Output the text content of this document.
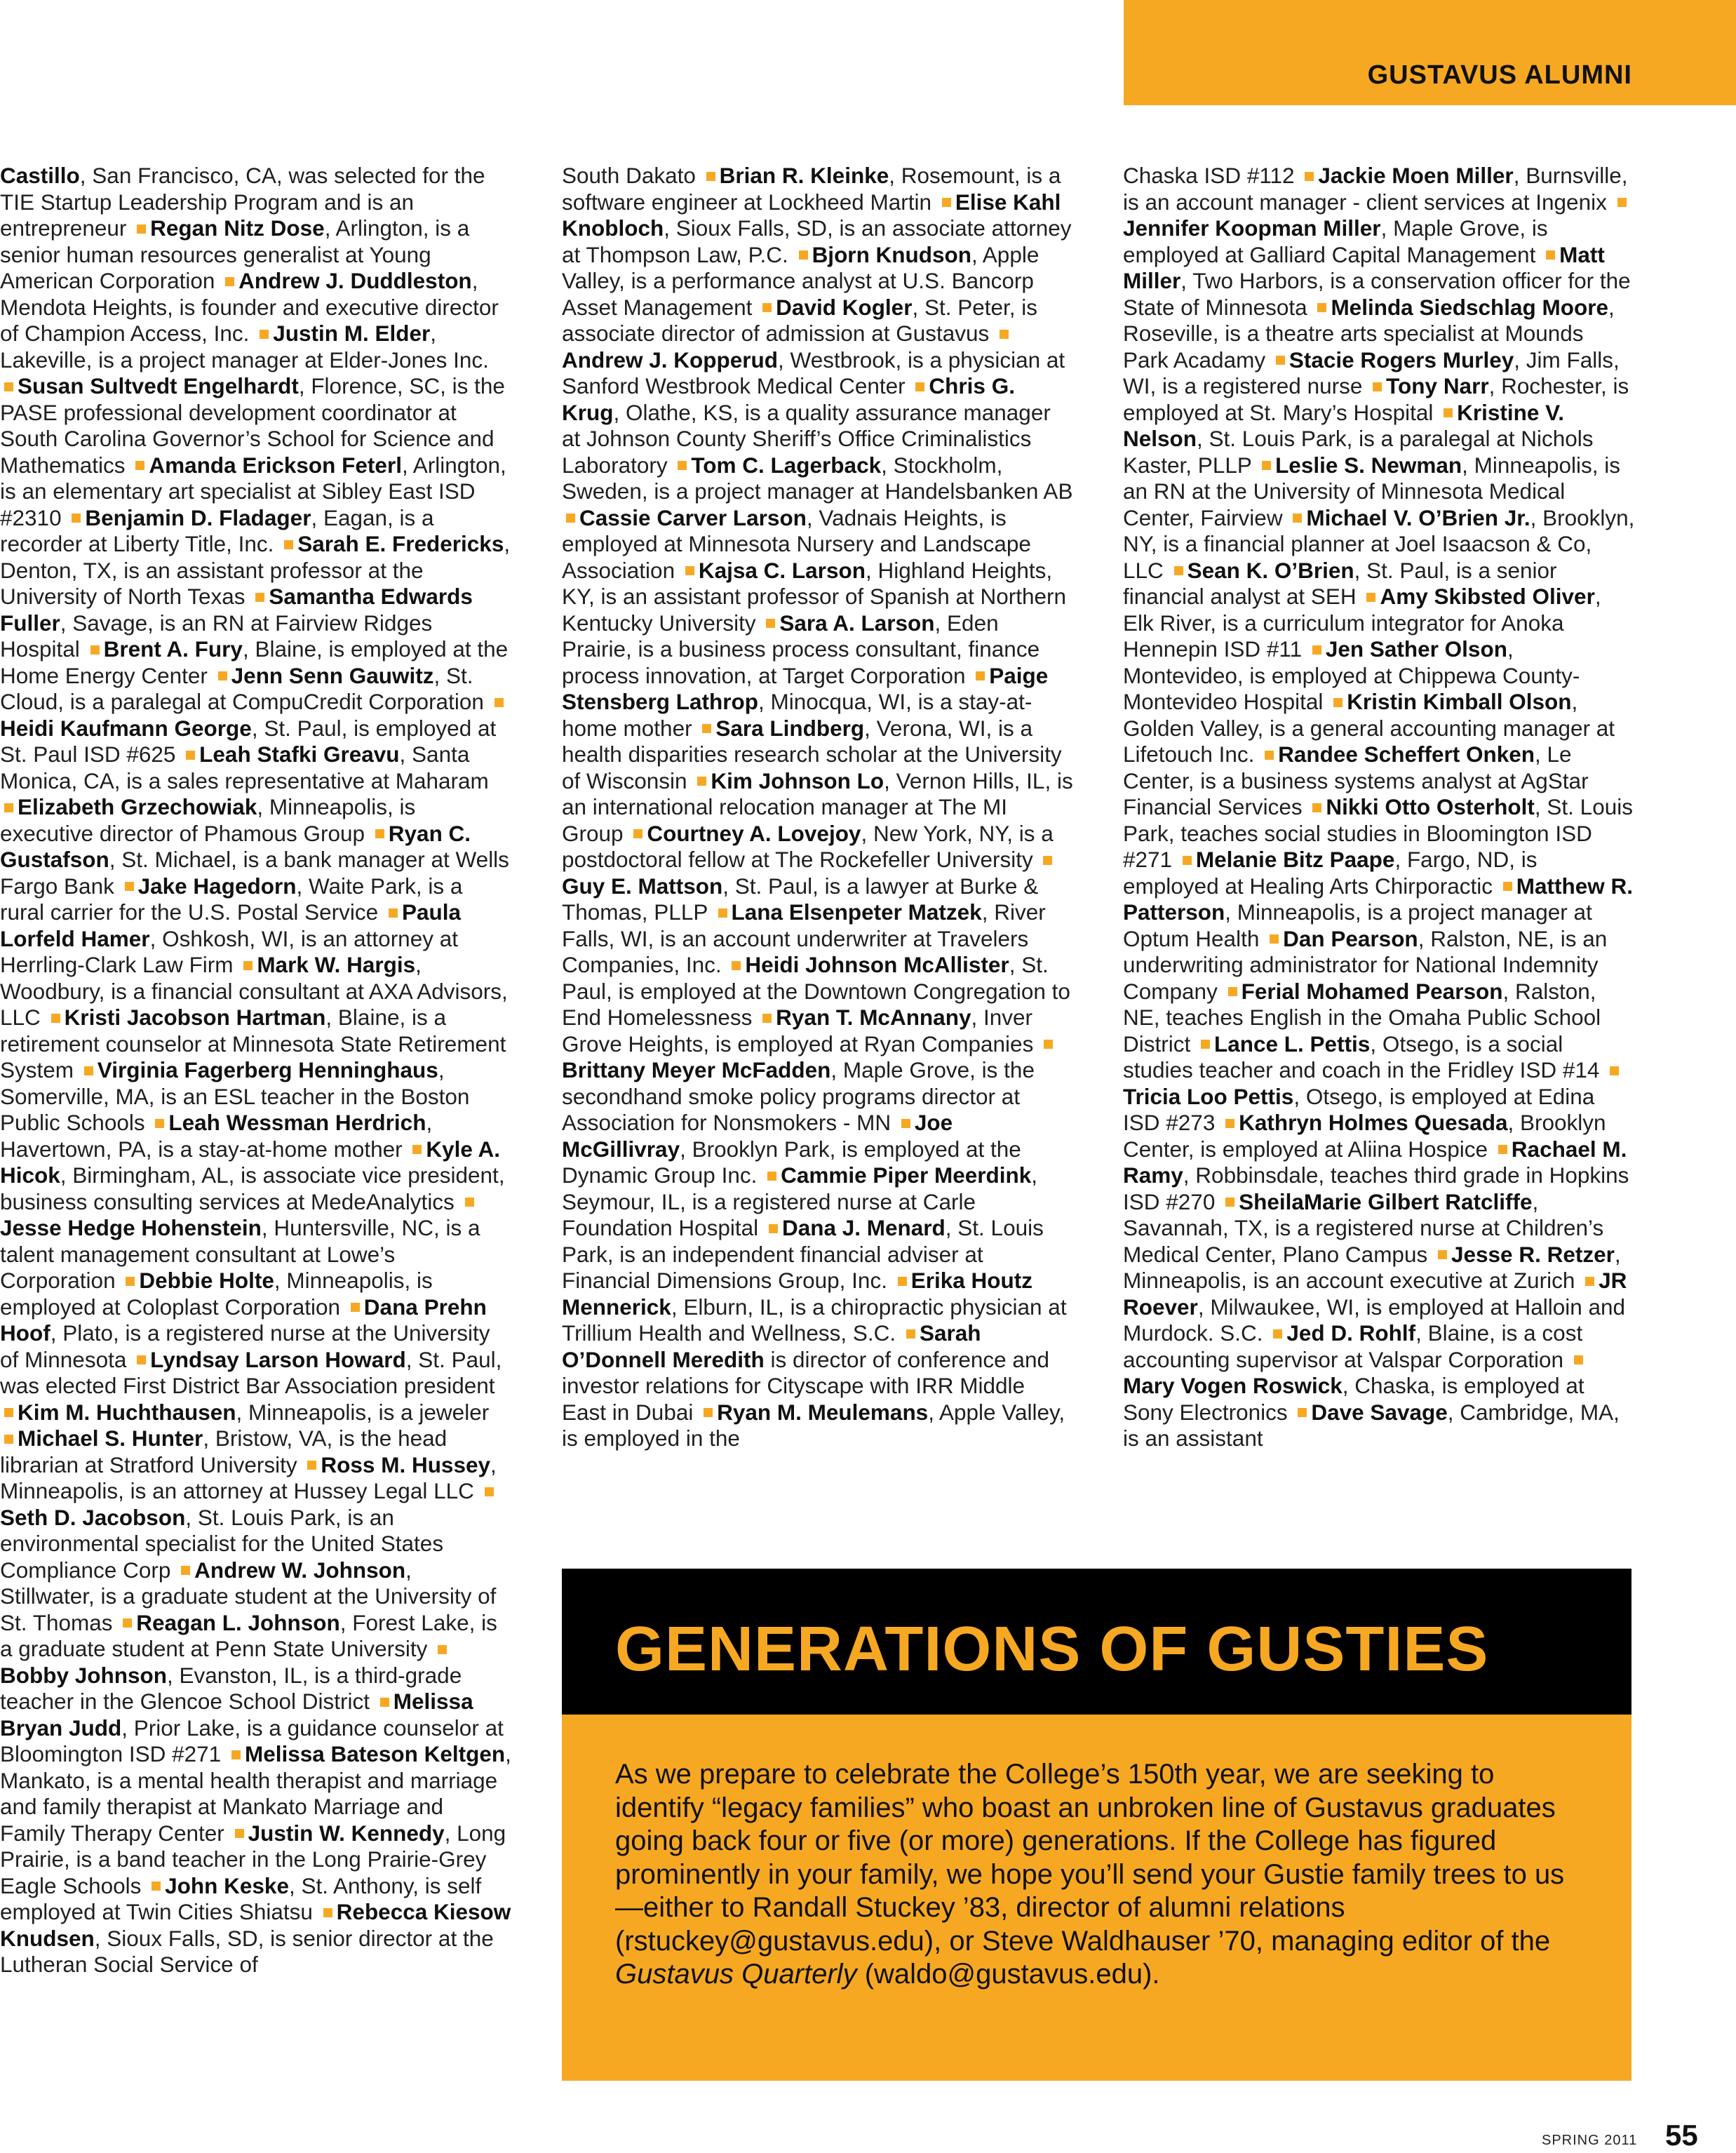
GUSTAVUS ALUMNI
Castillo, San Francisco, CA, was selected for the TIE Startup Leadership Program and is an entrepreneur Regan Nitz Dose, Arlington, is a senior human resources generalist at Young American Corporation Andrew J. Duddleston, Mendota Heights, is founder and executive director of Champion Access, Inc. Justin M. Elder, Lakeville, is a project manager at Elder-Jones Inc. Susan Sultvedt Engelhardt, Florence, SC, is the PASE professional development coordinator at South Carolina Governor’s School for Science and Mathematics Amanda Erickson Feterl, Arlington, is an elementary art specialist at Sibley East ISD #2310 Benjamin D. Fladager, Eagan, is a recorder at Liberty Title, Inc. Sarah E. Fredericks, Denton, TX, is an assistant professor at the University of North Texas Samantha Edwards Fuller, Savage, is an RN at Fairview Ridges Hospital Brent A. Fury, Blaine, is employed at the Home Energy Center Jenn Senn Gauwitz, St. Cloud, is a paralegal at CompuCredit Corporation Heidi Kaufmann George, St. Paul, is employed at St. Paul ISD #625 Leah Stafki Greavu, Santa Monica, CA, is a sales representative at Maharam Elizabeth Grzechowiak, Minneapolis, is executive director of Phamous Group Ryan C. Gustafson, St. Michael, is a bank manager at Wells Fargo Bank Jake Hagedorn, Waite Park, is a rural carrier for the U.S. Postal Service Paula Lorfeld Hamer, Oshkosh, WI, is an attorney at Herrling-Clark Law Firm Mark W. Hargis, Woodbury, is a financial consultant at AXA Advisors, LLC Kristi Jacobson Hartman, Blaine, is a retirement counselor at Minnesota State Retirement System Virginia Fagerberg Henninghaus, Somerville, MA, is an ESL teacher in the Boston Public Schools Leah Wessman Herdrich, Havertown, PA, is a stay-at-home mother Kyle A. Hicok, Birmingham, AL, is associate vice president, business consulting services at MedeAnalytics Jesse Hedge Hohenstein, Huntersville, NC, is a talent management consultant at Lowe’s Corporation Debbie Holte, Minneapolis, is employed at Coloplast Corporation Dana Prehn Hoof, Plato, is a registered nurse at the University of Minnesota Lyndsay Larson Howard, St. Paul, was elected First District Bar Association president Kim M. Huchthausen, Minneapolis, is a jeweler Michael S. Hunter, Bristow, VA, is the head librarian at Stratford University Ross M. Hussey, Minneapolis, is an attorney at Hussey Legal LLC Seth D. Jacobson, St. Louis Park, is an environmental specialist for the United States Compliance Corp Andrew W. Johnson, Stillwater, is a graduate student at the University of St. Thomas Reagan L. Johnson, Forest Lake, is a graduate student at Penn State University Bobby Johnson, Evanston, IL, is a third-grade teacher in the Glencoe School District Melissa Bryan Judd, Prior Lake, is a guidance counselor at Bloomington ISD #271 Melissa Bateson Keltgen, Mankato, is a mental health therapist and marriage and family therapist at Mankato Marriage and Family Therapy Center Justin W. Kennedy, Long Prairie, is a band teacher in the Long Prairie-Grey Eagle Schools John Keske, St. Anthony, is self employed at Twin Cities Shiatsu Rebecca Kiesow Knudsen, Sioux Falls, SD, is senior director at the Lutheran Social Service of
South Dakato Brian R. Kleinke, Rosemount, is a software engineer at Lockheed Martin Elise Kahl Knobloch, Sioux Falls, SD, is an associate attorney at Thompson Law, P.C. Bjorn Knudson, Apple Valley, is a performance analyst at U.S. Bancorp Asset Management David Kogler, St. Peter, is associate director of admission at Gustavus Andrew J. Kopperud, Westbrook, is a physician at Sanford Westbrook Medical Center Chris G. Krug, Olathe, KS, is a quality assurance manager at Johnson County Sheriff’s Office Criminalistics Laboratory Tom C. Lagerback, Stockholm, Sweden, is a project manager at Handelsbanken AB Cassie Carver Larson, Vadnais Heights, is employed at Minnesota Nursery and Landscape Association Kajsa C. Larson, Highland Heights, KY, is an assistant professor of Spanish at Northern Kentucky University Sara A. Larson, Eden Prairie, is a business process consultant, finance process innovation, at Target Corporation Paige Stensberg Lathrop, Minocqua, WI, is a stay-at-home mother Sara Lindberg, Verona, WI, is a health disparities research scholar at the University of Wisconsin Kim Johnson Lo, Vernon Hills, IL, is an international relocation manager at The MI Group Courtney A. Lovejoy, New York, NY, is a postdoctoral fellow at The Rockefeller University Guy E. Mattson, St. Paul, is a lawyer at Burke & Thomas, PLLP Lana Elsenpeter Matzek, River Falls, WI, is an account underwriter at Travelers Companies, Inc. Heidi Johnson McAllister, St. Paul, is employed at the Downtown Congregation to End Homelessness Ryan T. McAnnany, Inver Grove Heights, is employed at Ryan Companies Brittany Meyer McFadden, Maple Grove, is the secondhand smoke policy programs director at Association for Nonsmokers - MN Joe McGillivray, Brooklyn Park, is employed at the Dynamic Group Inc. Cammie Piper Meerdink, Seymour, IL, is a registered nurse at Carle Foundation Hospital Dana J. Menard, St. Louis Park, is an independent financial adviser at Financial Dimensions Group, Inc. Erika Houtz Mennerick, Elburn, IL, is a chiropractic physician at Trillium Health and Wellness, S.C. Sarah O’Donnell Meredith is director of conference and investor relations for Cityscape with IRR Middle East in Dubai Ryan M. Meulemans, Apple Valley, is employed in the
Chaska ISD #112 Jackie Moen Miller, Burnsville, is an account manager - client services at Ingenix Jennifer Koopman Miller, Maple Grove, is employed at Galliard Capital Management Matt Miller, Two Harbors, is a conservation officer for the State of Minnesota Melinda Siedschlag Moore, Roseville, is a theatre arts specialist at Mounds Park Acadamy Stacie Rogers Murley, Jim Falls, WI, is a registered nurse Tony Narr, Rochester, is employed at St. Mary’s Hospital Kristine V. Nelson, St. Louis Park, is a paralegal at Nichols Kaster, PLLP Leslie S. Newman, Minneapolis, is an RN at the University of Minnesota Medical Center, Fairview Michael V. O’Brien Jr., Brooklyn, NY, is a financial planner at Joel Isaacson & Co, LLC Sean K. O’Brien, St. Paul, is a senior financial analyst at SEH Amy Skibsted Oliver, Elk River, is a curriculum integrator for Anoka Hennepin ISD #11 Jen Sather Olson, Montevideo, is employed at Chippewa County-Montevideo Hospital Kristin Kimball Olson, Golden Valley, is a general accounting manager at Lifetouch Inc. Randee Scheffert Onken, Le Center, is a business systems analyst at AgStar Financial Services Nikki Otto Osterholt, St. Louis Park, teaches social studies in Bloomington ISD #271 Melanie Bitz Paape, Fargo, ND, is employed at Healing Arts Chirporactic Matthew R. Patterson, Minneapolis, is a project manager at Optum Health Dan Pearson, Ralston, NE, is an underwriting administrator for National Indemnity Company Ferial Mohamed Pearson, Ralston, NE, teaches English in the Omaha Public School District Lance L. Pettis, Otsego, is a social studies teacher and coach in the Fridley ISD #14 Tricia Loo Pettis, Otsego, is employed at Edina ISD #273 Kathryn Holmes Quesada, Brooklyn Center, is employed at Aliina Hospice Rachael M. Ramy, Robbinsdale, teaches third grade in Hopkins ISD #270 SheilaMarie Gilbert Ratcliffe, Savannah, TX, is a registered nurse at Children’s Medical Center, Plano Campus Jesse R. Retzer, Minneapolis, is an account executive at Zurich JR Roever, Milwaukee, WI, is employed at Halloin and Murdock. S.C. Jed D. Rohlf, Blaine, is a cost accounting supervisor at Valspar Corporation Mary Vogen Roswick, Chaska, is employed at Sony Electronics Dave Savage, Cambridge, MA, is an assistant
GENERATIONS OF GUSTIES

As we prepare to celebrate the College’s 150th year, we are seeking to identify “legacy families” who boast an unbroken line of Gustavus graduates going back four or five (or more) generations. If the College has figured prominently in your family, we hope you’ll send your Gustie family trees to us—either to Randall Stuckey ’83, director of alumni relations (rstuckey@gustavus.edu), or Steve Waldhauser ’70, managing editor of the Gustavus Quarterly (waldo@gustavus.edu).

SPRING 2011 55
